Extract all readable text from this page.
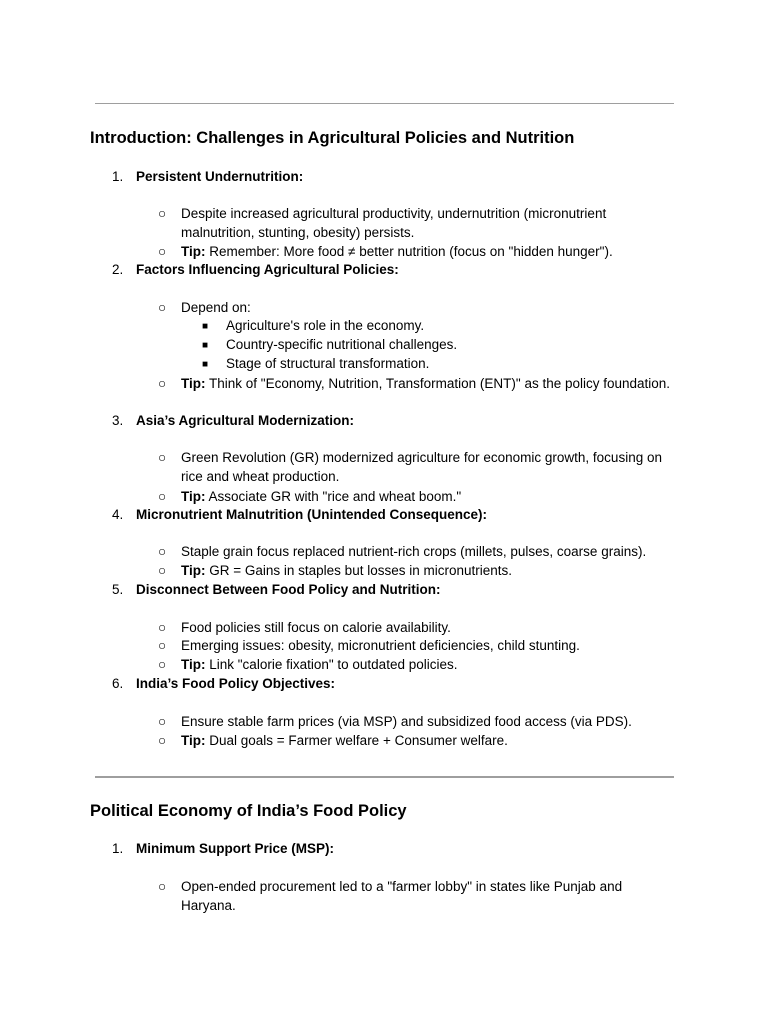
Introduction: Challenges in Agricultural Policies and Nutrition
1. Persistent Undernutrition:
○ Despite increased agricultural productivity, undernutrition (micronutrient malnutrition, stunting, obesity) persists.
○ Tip: Remember: More food ≠ better nutrition (focus on "hidden hunger").
2. Factors Influencing Agricultural Policies:
○ Depend on:
■ Agriculture's role in the economy.
■ Country-specific nutritional challenges.
■ Stage of structural transformation.
○ Tip: Think of "Economy, Nutrition, Transformation (ENT)" as the policy foundation.
3. Asia’s Agricultural Modernization:
○ Green Revolution (GR) modernized agriculture for economic growth, focusing on rice and wheat production.
○ Tip: Associate GR with "rice and wheat boom."
4. Micronutrient Malnutrition (Unintended Consequence):
○ Staple grain focus replaced nutrient-rich crops (millets, pulses, coarse grains).
○ Tip: GR = Gains in staples but losses in micronutrients.
5. Disconnect Between Food Policy and Nutrition:
○ Food policies still focus on calorie availability.
○ Emerging issues: obesity, micronutrient deficiencies, child stunting.
○ Tip: Link "calorie fixation" to outdated policies.
6. India’s Food Policy Objectives:
○ Ensure stable farm prices (via MSP) and subsidized food access (via PDS).
○ Tip: Dual goals = Farmer welfare + Consumer welfare.
Political Economy of India’s Food Policy
1. Minimum Support Price (MSP):
○ Open-ended procurement led to a "farmer lobby" in states like Punjab and Haryana.
